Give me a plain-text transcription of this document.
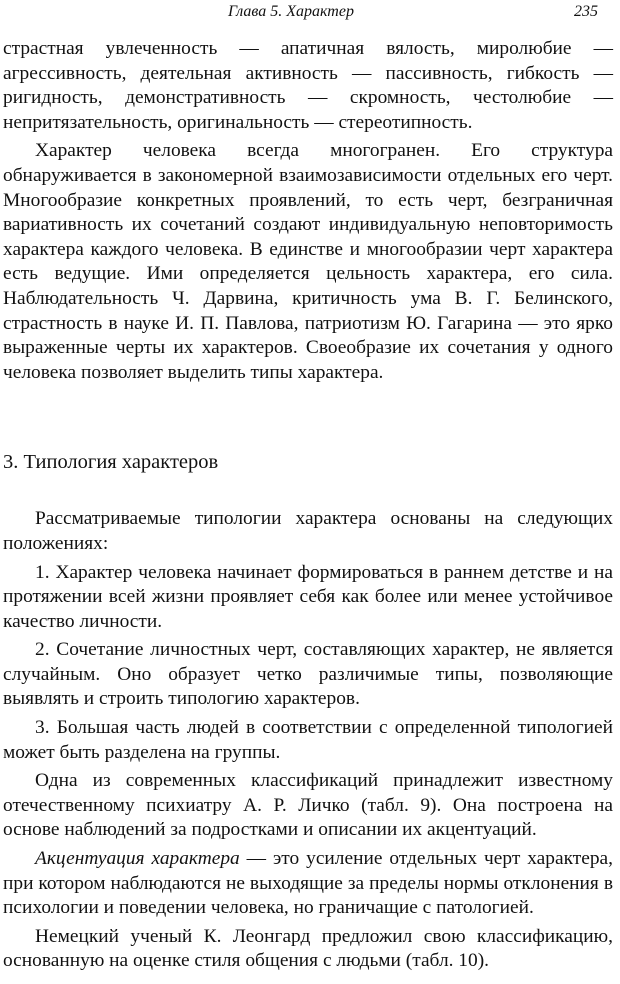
Глава 5. Характер	235

страстная увлеченность — апатичная вялость, миролюбие — агрессивность, деятельная активность — пассивность, гибкость — ригидность, демонстративность — скромность, честолюбие — непритязательность, оригинальность — стереотипность.

Характер человека всегда многогранен. Его структура обнаруживается в закономерной взаимозависимости отдельных его черт. Многообразие конкретных проявлений, то есть черт, безграничная вариативность их сочетаний создают индивидуальную неповторимость характера каждого человека. В единстве и многообразии черт характера есть ведущие. Ими определяется цельность характера, его сила. Наблюдательность Ч. Дарвина, критичность ума В. Г. Белинского, страстность в науке И. П. Павлова, патриотизм Ю. Гагарина — это ярко выраженные черты их характеров. Своеобразие их сочетания у одного человека позволяет выделить типы характера.

3. Типология характеров

Рассматриваемые типологии характера основаны на следующих положениях:

1. Характер человека начинает формироваться в раннем детстве и на протяжении всей жизни проявляет себя как более или менее устойчивое качество личности.

2. Сочетание личностных черт, составляющих характер, не является случайным. Оно образует четко различимые типы, позволяющие выявлять и строить типологию характеров.

3. Большая часть людей в соответствии с определенной типологией может быть разделена на группы.

Одна из современных классификаций принадлежит известному отечественному психиатру А. Р. Личко (табл. 9). Она построена на основе наблюдений за подростками и описании их акцентуаций.

Акцентуация характера — это усиление отдельных черт характера, при котором наблюдаются не выходящие за пределы нормы отклонения в психологии и поведении человека, но граничащие с патологией.

Немецкий ученый К. Леонгард предложил свою классификацию, основанную на оценке стиля общения с людьми (табл. 10).
